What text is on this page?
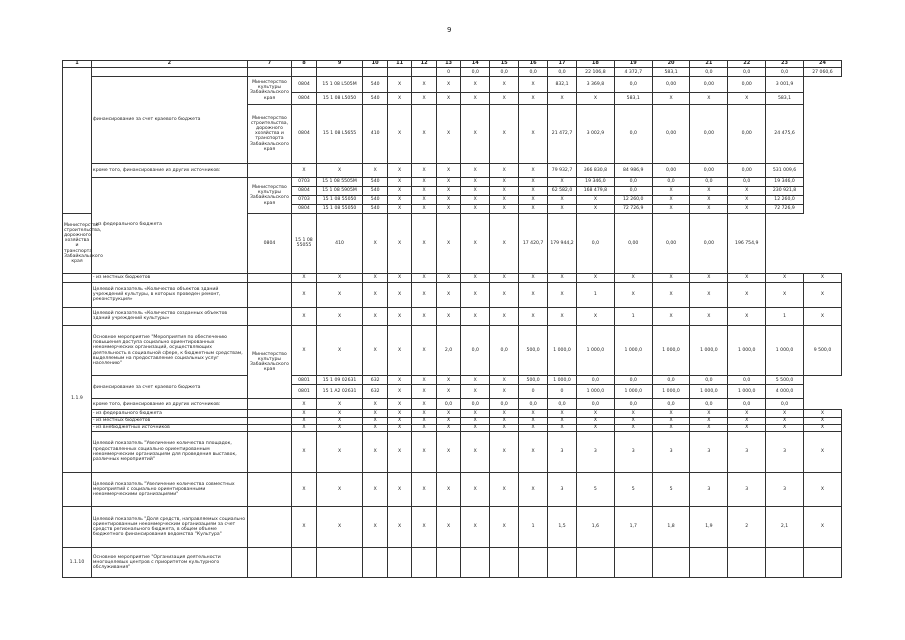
9
1	2	7	8	9	10	11	12	13	14	15	16	17	18	19	20	21	22	23	24
								0	0,0	0,0	0,0	0,0	22 106,8	4 372,7	583,1	0,0	0,0	0,0	27 060,6
	финансирование за счет краевого бюджета	Министерство культуры Забайкальского края	0804	15 1 08 L505M	540	X	X	X	X	X	X	832,1	3 369,8	0,0	0,00	0,00	0,00	3 001,9	
			0804	15 1 08 L5050	540	X	X	X	X	X	X	X	X	583,1	X	X	X	583,1	
		Министерство строительства, дорожного хозяйства и транспорта Забайкальского края	0804	15 1 08 L5655	410	X	X	X	X	X	X	21 472,7	3 002,9	0,0	0,00	0,00	0,00	24 475,6	
	кроме того, финансирование из других источников:		X	X	X	X	X	X	X	X	X	79 932,7	366 830,8	84 986,9	0,00	0,00	0,00	531 009,6	
	- из федерального бюджета	Министерство культуры Забайкальского края	0703	15 1 08 5505M	540	X	X	X	X	X	X	X	19 346,0	0,0	0,0	0,0	0,0	19 346,0	
			0804	15 1 08 5905M	540	X	X	X	X	X	X	62 582,0	168 479,8	0,0	X	X	X	230 921,8	
			0703	15 1 08 55050	540	X	X	X	X	X	X	X	X	12 260,0	X	X	X	12 260,0	
			0804	15 1 08 55050	540	X	X	X	X	X	X	X	X	72 726,9	X	X	X	72 726,9	
Министерство строительства, дорожного хозяйства и транспорта Забайкальского края		0804	15 1 08 55055	410	X	X	X	X	X	X	17 420,7	179 944,2	0,0	0,00	0,00	0,00	196 754,9		
	- из местных бюджетов		X	X	X	X	X	X	X	X	X	X	X	X	X	X	X	X	X
	Целевой показатель «Количество объектов зданий учреждений культуры, в которых проведен ремонт, реконструкция»		X	X	X	X	X	X	X	X	X	X	1	X	X	X	X	X	X
	Целевой показатель «Количество созданных объектов зданий учреждений культуры»		X	X	X	X	X	X	X	X	X	X	X	1	X	X	X	1	X
1.1.9	Основное мероприятие "Мероприятия по обеспечению повышения доступа социально ориентированных некоммерческих организаций, осуществляющих деятельность в социальной сфере, к бюджетным средствам, выделяемым на предоставление социальных услуг населению"	Министерство культуры Забайкальского края	X	X	X	X	X	2,0	0,0	0,0	500,0	1 000,0	1 000,0	1 000,0	1 000,0	1 000,0	1 000,0	1 000,0	9 500,0
	финансирование за счет краевого бюджета		0801	15 1 09 02631	632	X	X	X	X	X	500,0	1 000,0	0,0	0,0	0,0	0,0	0,0	5 500,0	
			0801	15 1 A2 02631	632	X	X	X	X	X	0	0	1 000,0	1 000,0	1 000,0	1 000,0	1 000,0	4 000,0	
	кроме того, финансирование из других источников:		X	X	X	X	X	0,0	0,0	0,0	0,0	0,0	0,0	0,0	0,0	0,0	0,0	0,0	
	- из федерального бюджета		X	X	X	X	X	X	X	X	X	X	X	X	X	X	X	X	X
	- из местных бюджетов		X	X	X	X	X	X	X	X	X	X	X	X	X	X	X	X	X
	- из внебюджетных источников		X	X	X	X	X	X	X	X	X	X	X	X	X	X	X	X	X
	Целевой показатель "Увеличение количества площадок, предоставленных социально ориентированным некоммерческим организациям для проведения выставок, различных мероприятий"		X	X	X	X	X	X	X	X	X	3	3	3	3	3	3	3	X
	Целевой показатель "Увеличение количества совместных мероприятий с социально ориентированными некоммерческими организациями"		X	X	X	X	X	X	X	X	X	3	5	5	5	3	3	3	X
	Целевой показатель "Доля средств, направляемых социально ориентированным некоммерческим организациям за счет средств регионального бюджета, в общем объеме бюджетного финансирования ведомства "Культура"		X	X	X	X	X	X	X	X	1	1,5	1,6	1,7	1,8	1,9	2	2,1	X
1.1.10	Основное мероприятие "Организация деятельности многоцелевых центров с приоритетом культурного обслуживания"																		
